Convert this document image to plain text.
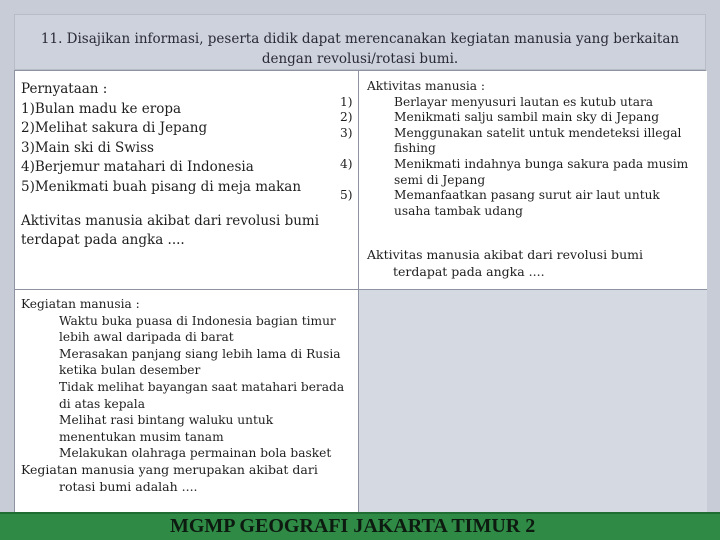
11. Disajikan informasi, peserta didik dapat merencanakan kegiatan manusia yang berkaitan
dengan revolusi/rotasi bumi.
Pernyataan :
1)Bulan madu ke eropa
2)Melihat sakura di Jepang
3)Main ski di Swiss
4)Berjemur matahari di Indonesia
5)Menikmati buah pisang di meja makan
Aktivitas manusia akibat dari revolusi bumi terdapat pada angka ....
Aktivitas manusia :
1)	Berlayar menyusuri lautan es kutub utara
2)	Menikmati salju sambil main sky di Jepang
3)	Menggunakan satelit untuk mendeteksi illegal fishing
4)	Menikmati indahnya bunga sakura pada musim semi di Jepang
5)	Memanfaatkan pasang surut air laut untuk usaha tambak udang
Aktivitas manusia akibat dari revolusi bumi
terdapat pada angka ....
Kegiatan manusia :
Waktu buka puasa di Indonesia bagian timur lebih awal daripada di barat
Merasakan panjang siang lebih lama di Rusia ketika bulan desember
Tidak melihat bayangan saat matahari berada di atas kepala
Melihat rasi bintang waluku untuk menentukan musim tanam
Melakukan olahraga permainan bola basket
Kegiatan manusia yang merupakan akibat dari
rotasi bumi adalah ....
MGMP GEOGRAFI JAKARTA TIMUR 2
